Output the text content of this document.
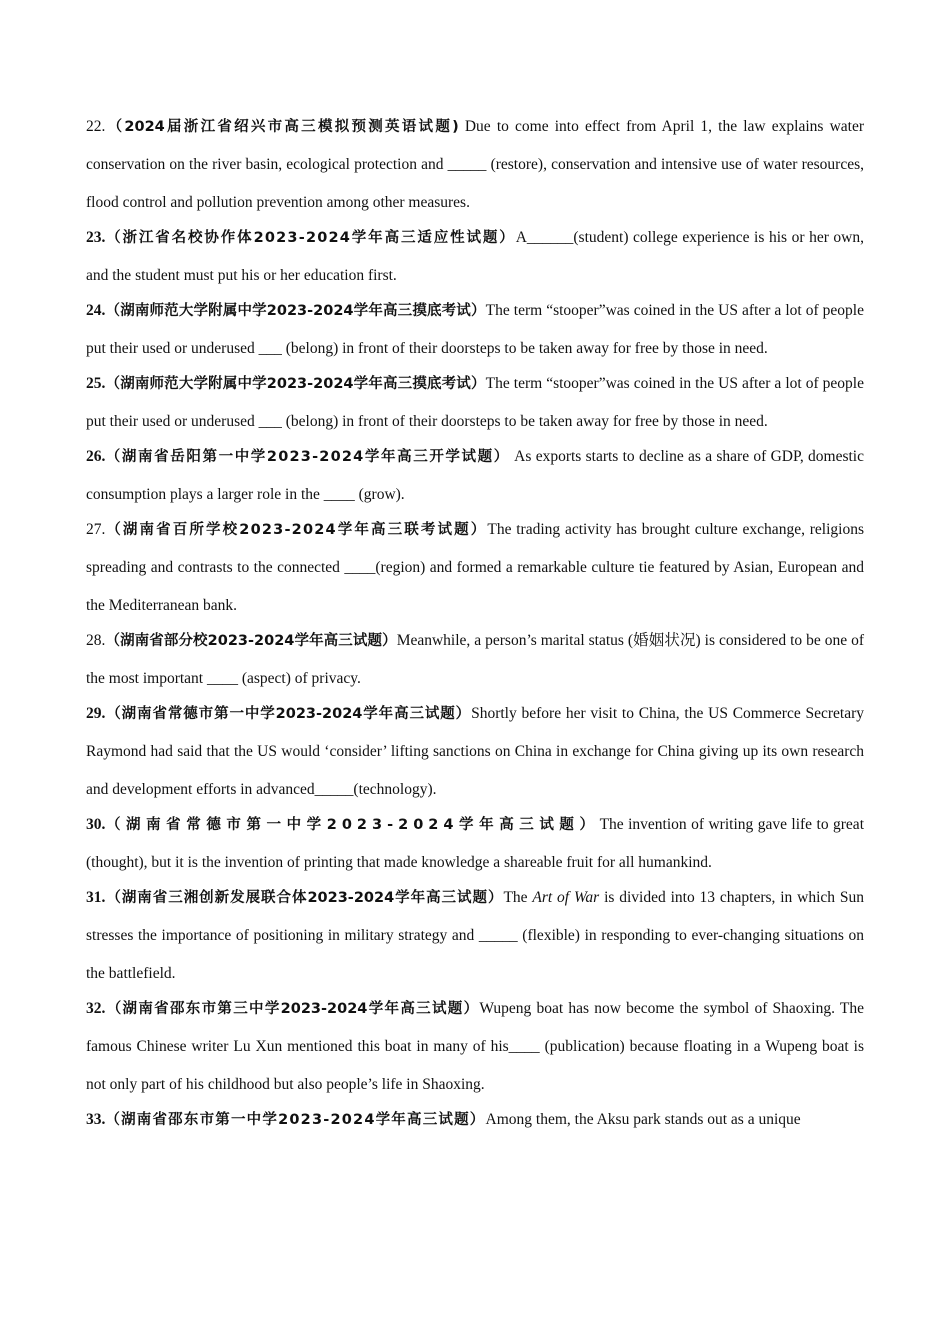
22.（2024届浙江省绍兴市高三模拟预测英语试题) Due to come into effect from April 1, the law explains water conservation on the river basin, ecological protection and _____ (restore), conservation and intensive use of water resources, flood control and pollution prevention among other measures.

23.（浙江省名校协作体2023-2024学年高三适应性试题）A______(student) college experience is his or her own, and the student must put his or her education first.

24.（湖南师范大学附属中学2023-2024学年高三摸底考试）The term “stooper”was coined in the US after a lot of people put their used or underused ___ (belong) in front of their doorsteps to be taken away for free by those in need.

25.（湖南师范大学附属中学2023-2024学年高三摸底考试）The term “stooper”was coined in the US after a lot of people put their used or underused ___ (belong) in front of their doorsteps to be taken away for free by those in need.

26.（湖南省岳阳第一中学2023-2024学年高三开学试题） As exports starts to decline as a share of GDP, domestic consumption plays a larger role in the ____ (grow).

27.（湖南省百所学校2023-2024学年高三联考试题）The trading activity has brought culture exchange, religions spreading and contrasts to the connected ____(region) and formed a remarkable culture tie featured by Asian, European and the Mediterranean bank.

28.（湖南省部分校2023-2024学年高三试题）Meanwhile, a person’s marital status (婚姻状况) is considered to be one of the most important ____ (aspect) of privacy.

29.（湖南省常德市第一中学2023-2024学年高三试题）Shortly before her visit to China, the US Commerce Secretary Raymond had said that the US would ‘consider’ lifting sanctions on China in exchange for China giving up its own research and development efforts in advanced_____(technology).

30.（湖南省常德市第一中学2023-2024学年高三试题）The invention of writing gave life to great (thought), but it is the invention of printing that made knowledge a shareable fruit for all humankind.

31.（湖南省三湘创新发展联合体2023-2024学年高三试题）The Art of War is divided into 13 chapters, in which Sun stresses the importance of positioning in military strategy and _____ (flexible) in responding to ever-changing situations on the battlefield.

32.（湖南省邵东市第三中学2023-2024学年高三试题）Wupeng boat has now become the symbol of Shaoxing. The famous Chinese writer Lu Xun mentioned this boat in many of his____ (publication) because floating in a Wupeng boat is not only part of his childhood but also people’s life in Shaoxing.

33.（湖南省邵东市第一中学2023-2024学年高三试题）Among them, the Aksu park stands out as a unique
